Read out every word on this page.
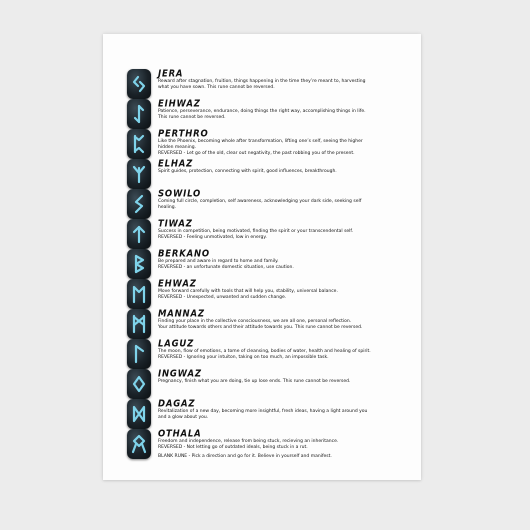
JERA
Reward after stagnation, fruition, things happening in the time they’re meant to, harvesting
what you have sown. This rune cannot be reversed.
EIHWAZ
Patience, perseverance, endurance, doing things the right way, accomplishing things in life.
This rune cannot be reversed.
PERTHRO
Like the Phoenix, becoming whole after transformation, lifting one’s self, seeing the higher
hidden meaning.
REVERSED - Let go of the old, clear out negativity, the past robbing you of the present.
ELHAZ
Spirit guides, protection, connecting with spirit, good influences, breakthrough.
SOWILO
Coming full circle, completion, self awareness, acknowledging your dark side, seeking self
healing.
TIWAZ
Success in competition, being motivated, finding the spirit or your transcendental self.
REVERSED - Feeling unmotivated, low in energy.
BERKANO
Be prepared and aware in regard to home and family.
REVERSED - an unfortunate domestic situation, use caution.
EHWAZ
Move forward carefully with tools that will help you, stability, universal balance.
REVERSED - Unexpected, unwanted and sudden change.
MANNAZ
Finding your place in the collective consciousness, we are all one, personal reflection.
Your attitude towards others and their attitude towards you. This rune cannot be reversed.
LAGUZ
The moon, flow of emotions, a tome of cleansing, bodies of water, health and healing of spirit.
REVERSED - Ignoring your intuiton, taking on too much, an impossible task.
INGWAZ
Pregnancy, finish what you are doing, tie up lose ends. This rune cannot be reversed.
DAGAZ
Revitalization of a new day, becoming more insightful, fresh ideas, having a light around you
and a glow about you.
OTHALA
Freedom and independence, release from being stuck, recieving an inheritance.
REVERSED - Not letting go of outdated ideals, being stuck in a rut.
BLANK RUNE - Pick a direction and go for it. Believe in yourself and manifest.
